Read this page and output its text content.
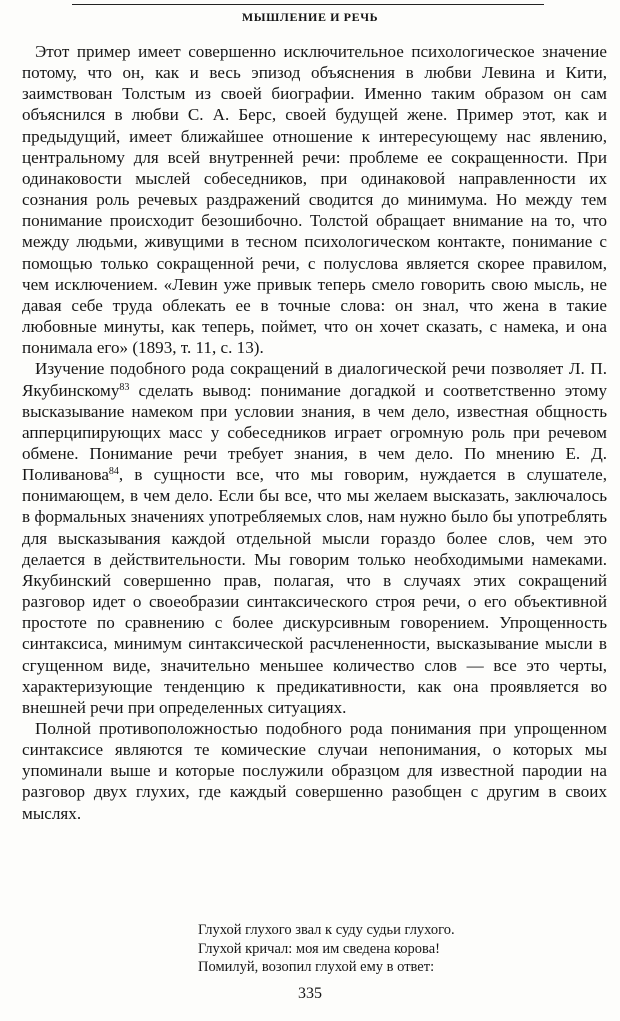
МЫШЛЕНИЕ И РЕЧЬ

Этот пример имеет совершенно исключительное психологическое значение потому, что он, как и весь эпизод объяснения в любви Левина и Кити, заимствован Толстым из своей биографии. Именно таким образом он сам объяснился в любви С. А. Берс, своей будущей жене. Пример этот, как и предыдущий, имеет ближайшее отношение к интересующему нас явлению, центральному для всей внутренней речи: проблеме ее сокращенности. При одинаковости мыслей собеседников, при одинаковой направленности их сознания роль речевых раздражений сводится до минимума. Но между тем понимание происходит безошибочно. Толстой обращает внимание на то, что между людьми, живущими в тесном психологическом контакте, понимание с помощью только сокращенной речи, с полуслова является скорее правилом, чем исключением. «Левин уже привык теперь смело говорить свою мысль, не давая себе труда облекать ее в точные слова: он знал, что жена в такие любовные минуты, как теперь, поймет, что он хочет сказать, с намека, и она понимала его» (1893, т. 11, с. 13).

Изучение подобного рода сокращений в диалогической речи позволяет Л. П. Якубинскому$^{83}$ сделать вывод: понимание догадкой и соответственно этому высказывание намеком при условии знания, в чем дело, известная общность апперципирующих масс у собеседников играет огромную роль при речевом обмене. Понимание речи требует знания, в чем дело. По мнению Е. Д. Поливанова$^{84}$, в сущности все, что мы говорим, нуждается в слушателе, понимающем, в чем дело. Если бы все, что мы желаем высказать, заключалось в формальных значениях употребляемых слов, нам нужно было бы употреблять для высказывания каждой отдельной мысли гораздо более слов, чем это делается в действительности. Мы говорим только необходимыми намеками. Якубинский совершенно прав, полагая, что в случаях этих сокращений разговор идет о своеобразии синтаксического строя речи, о его объективной простоте по сравнению с более дискурсивным говорением. Упрощенность синтаксиса, минимум синтаксической расчлененности, высказывание мысли в сгущенном виде, значительно меньшее количество слов — все это черты, характеризующие тенденцию к предикативности, как она проявляется во внешней речи при определенных ситуациях.

Полной противоположностью подобного рода понимания при упрощенном синтаксисе являются те комические случаи непонимания, о которых мы упоминали выше и которые послужили образцом для известной пародии на разговор двух глухих, где каждый совершенно разобщен с другим в своих мыслях.

Глухой глухого звал к суду судьи глухого.
Глухой кричал: моя им сведена корова!
Помилуй, возопил глухой ему в ответ:
335
